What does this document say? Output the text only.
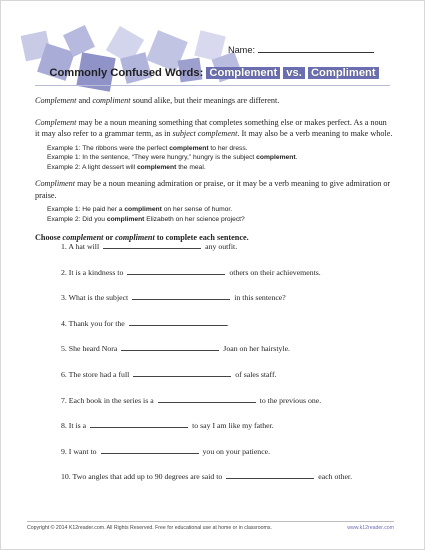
Name:
Commonly Confused Words: Complement vs. Compliment

Complement and compliment sound alike, but their meanings are different.

Complement may be a noun meaning something that completes something else or makes perfect. As a noun it may also refer to a grammar term, as in subject complement. It may also be a verb meaning to make whole.

Example 1: The ribbons were the perfect complement to her dress.
Example 1: In the sentence, “They were hungry,” hungry is the subject complement.
Example 2: A light dessert will complement the meal.

Compliment may be a noun meaning admiration or praise, or it may be a verb meaning to give admiration or praise.

Example 1: He paid her a compliment on her sense of humor.
Example 2: Did you compliment Elizabeth on her science project?

Choose complement or compliment to complete each sentence.

1. A hat will	any outfit.
2. It is a kindness to	others on their achievements.
3. What is the subject	in this sentence?
4. Thank you for the	.
5. She heard Nora	Joan on her hairstyle.
6. The store had a full	of sales staff.
7. Each book in the series is a	to the previous one.
8. It is a	to say I am like my father.
9. I want to	you on your patience.
10. Two angles that add up to 90 degrees are said to	each other.
Copyright © 2014 K12reader.com. All Rights Reserved. Free for educational use at home or in classrooms.	www.k12reader.com
